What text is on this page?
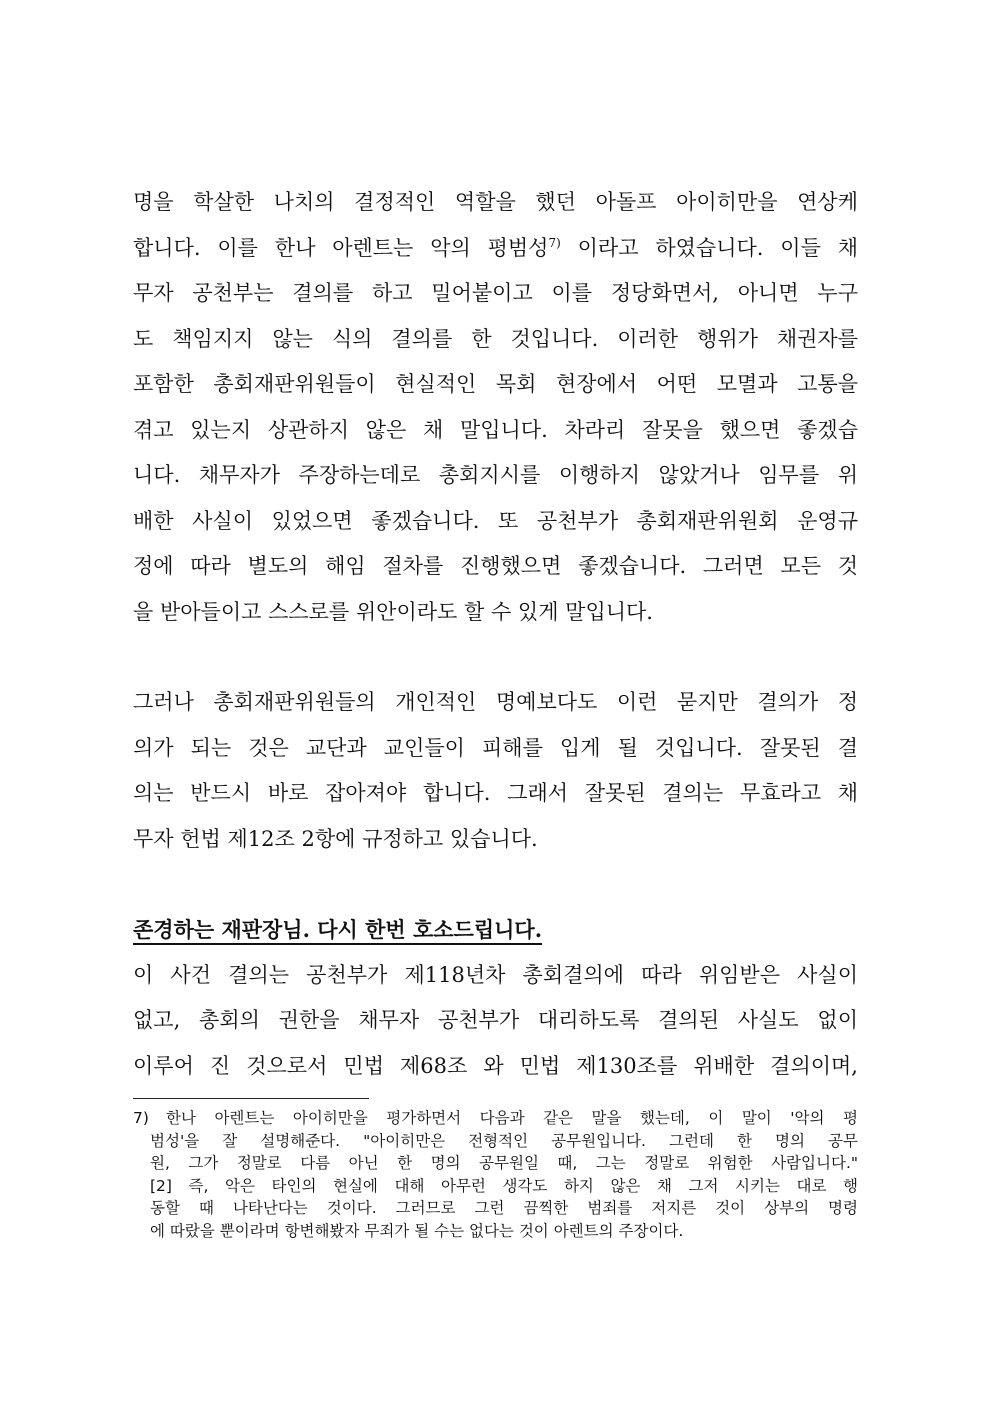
명을 학살한 나치의 결정적인 역할을 했던 아돌프 아이히만을 연상케
합니다. 이를 한나 아렌트는 악의 평범성$^{7)}$ 이라고 하였습니다. 이들 채
무자 공천부는 결의를 하고 밀어붙이고 이를 정당화면서, 아니면 누구
도 책임지지 않는 식의 결의를 한 것입니다. 이러한 행위가 채권자를
포함한 총회재판위원들이 현실적인 목회 현장에서 어떤 모멸과 고통을
겪고 있는지 상관하지 않은 채 말입니다. 차라리 잘못을 했으면 좋겠습
니다. 채무자가 주장하는데로 총회지시를 이행하지 않았거나 임무를 위
배한 사실이 있었으면 좋겠습니다. 또 공천부가 총회재판위원회 운영규
정에 따라 별도의 해임 절차를 진행했으면 좋겠습니다. 그러면 모든 것
을 받아들이고 스스로를 위안이라도 할 수 있게 말입니다.
그러나 총회재판위원들의 개인적인 명예보다도 이런 묻지만 결의가 정
의가 되는 것은 교단과 교인들이 피해를 입게 될 것입니다. 잘못된 결
의는 반드시 바로 잡아져야 합니다. 그래서 잘못된 결의는 무효라고 채
무자 헌법 제12조 2항에 규정하고 있습니다.
존경하는 재판장님. 다시 한번 호소드립니다.
이 사건 결의는 공천부가 제118년차 총회결의에 따라 위임받은 사실이
없고, 총회의 권한을 채무자 공천부가 대리하도록 결의된 사실도 없이
이루어 진 것으로서 민법 제68조 와 민법 제130조를 위배한 결의이며,
7) 한나 아렌트는 아이히만을 평가하면서 다음과 같은 말을 했는데, 이 말이 '악의 평
범성'을 잘 설명해준다. "아이히만은 전형적인 공무원입니다. 그런데 한 명의 공무
원, 그가 정말로 다름 아닌 한 명의 공무원일 때, 그는 정말로 위험한 사람입니다."
[2] 즉, 악은 타인의 현실에 대해 아무런 생각도 하지 않은 채 그저 시키는 대로 행
동할 때 나타난다는 것이다. 그러므로 그런 끔찍한 범죄를 저지른 것이 상부의 명령
에 따랐을 뿐이라며 항변해봤자 무죄가 될 수는 없다는 것이 아렌트의 주장이다.
